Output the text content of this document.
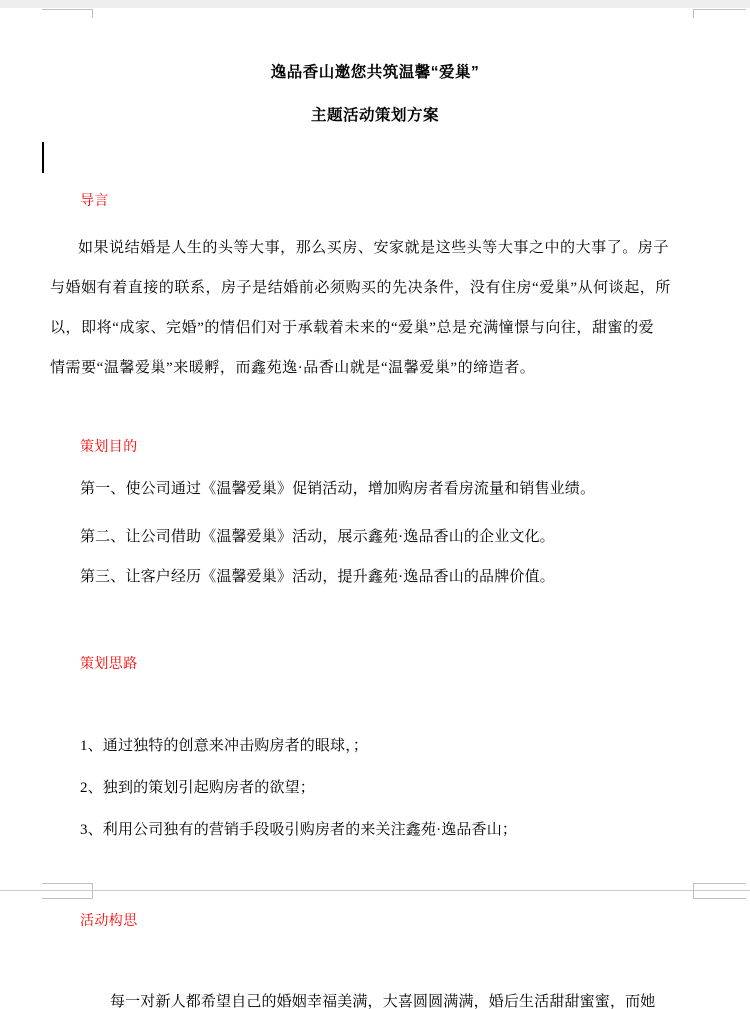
逸品香山邀您共筑温馨“爱巢”
主题活动策划方案
导言
如果说结婚是人生的头等大事，那么买房、安家就是这些头等大事之中的大事了。房子
与婚姻有着直接的联系，房子是结婚前必须购买的先决条件，没有住房“爱巢”从何谈起，所
以，即将“成家、完婚”的情侣们对于承载着未来的“爱巢”总是充满憧憬与向往，甜蜜的爱
情需要“温馨爱巢”来暖孵，而鑫苑逸·品香山就是“温馨爱巢”的缔造者。
策划目的
第一、使公司通过《温馨爱巢》促销活动，增加购房者看房流量和销售业绩。
第二、让公司借助《温馨爱巢》活动，展示鑫苑·逸品香山的企业文化。
第三、让客户经历《温馨爱巢》活动，提升鑫苑·逸品香山的品牌价值。
策划思路
1、通过独特的创意来冲击购房者的眼球，；
2、独到的策划引起购房者的欲望；
3、利用公司独有的营销手段吸引购房者的来关注鑫苑·逸品香山；
活动构思
每一对新人都希望自己的婚姻幸福美满，大喜圆圆满满，婚后生活甜甜蜜蜜，而她
